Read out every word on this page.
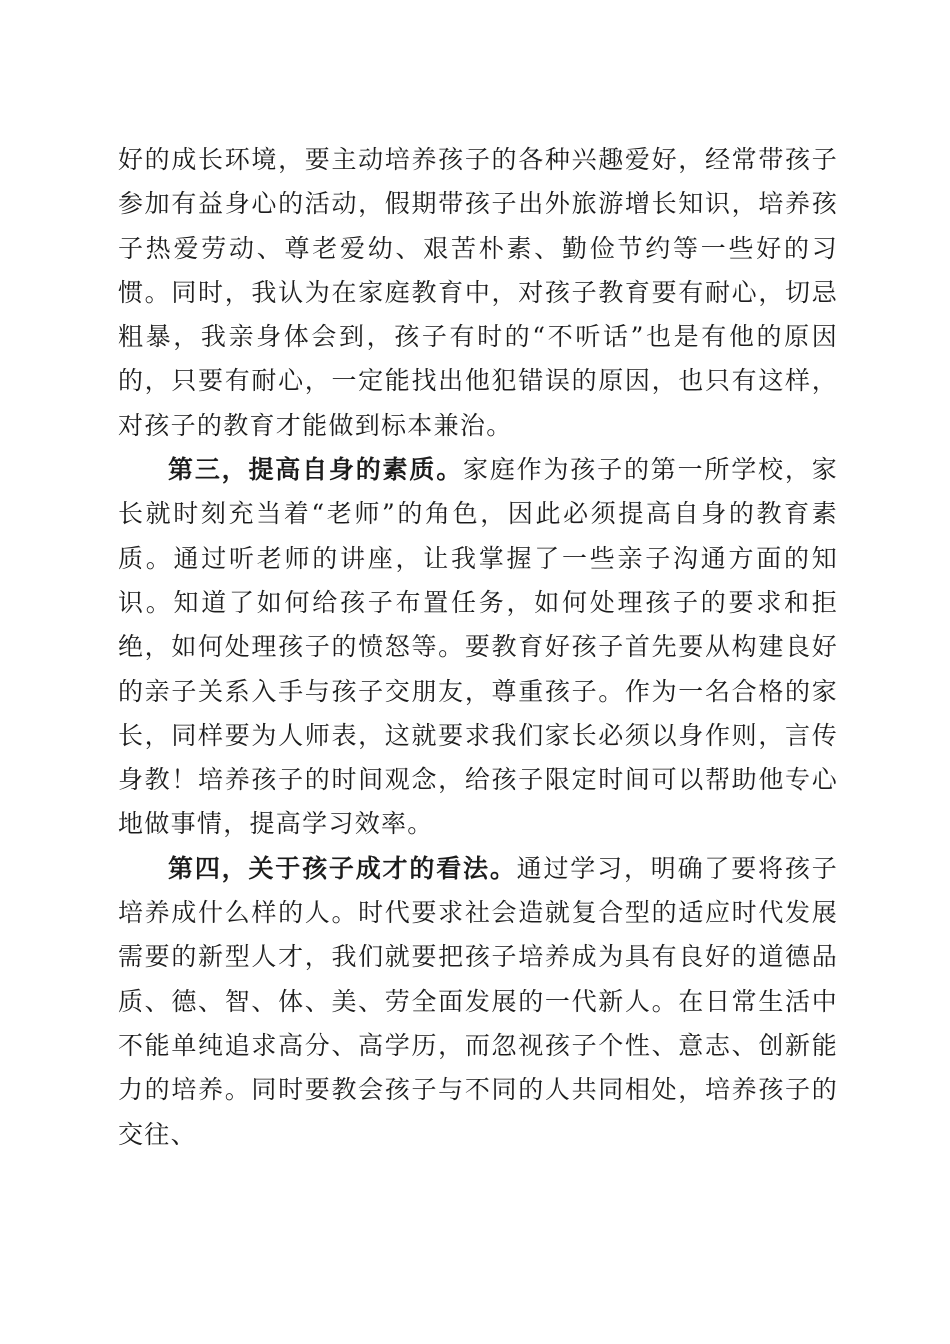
好的成长环境，要主动培养孩子的各种兴趣爱好，经常带孩子参加有益身心的活动，假期带孩子出外旅游增长知识，培养孩子热爱劳动、尊老爱幼、艰苦朴素、勤俭节约等一些好的习惯。同时，我认为在家庭教育中，对孩子教育要有耐心，切忌粗暴，我亲身体会到，孩子有时的“不听话”也是有他的原因的，只要有耐心，一定能找出他犯错误的原因，也只有这样，对孩子的教育才能做到标本兼治。

第三，提高自身的素质。家庭作为孩子的第一所学校，家长就时刻充当着“老师”的角色，因此必须提高自身的教育素质。通过听老师的讲座，让我掌握了一些亲子沟通方面的知识。知道了如何给孩子布置任务，如何处理孩子的要求和拒绝，如何处理孩子的愤怒等。要教育好孩子首先要从构建良好的亲子关系入手与孩子交朋友，尊重孩子。作为一名合格的家长，同样要为人师表，这就要求我们家长必须以身作则，言传身教！培养孩子的时间观念，给孩子限定时间可以帮助他专心地做事情，提高学习效率。

第四，关于孩子成才的看法。通过学习，明确了要将孩子培养成什么样的人。时代要求社会造就复合型的适应时代发展需要的新型人才，我们就要把孩子培养成为具有良好的道德品质、德、智、体、美、劳全面发展的一代新人。在日常生活中不能单纯追求高分、高学历，而忽视孩子个性、意志、创新能力的培养。同时要教会孩子与不同的人共同相处，培养孩子的交往、
